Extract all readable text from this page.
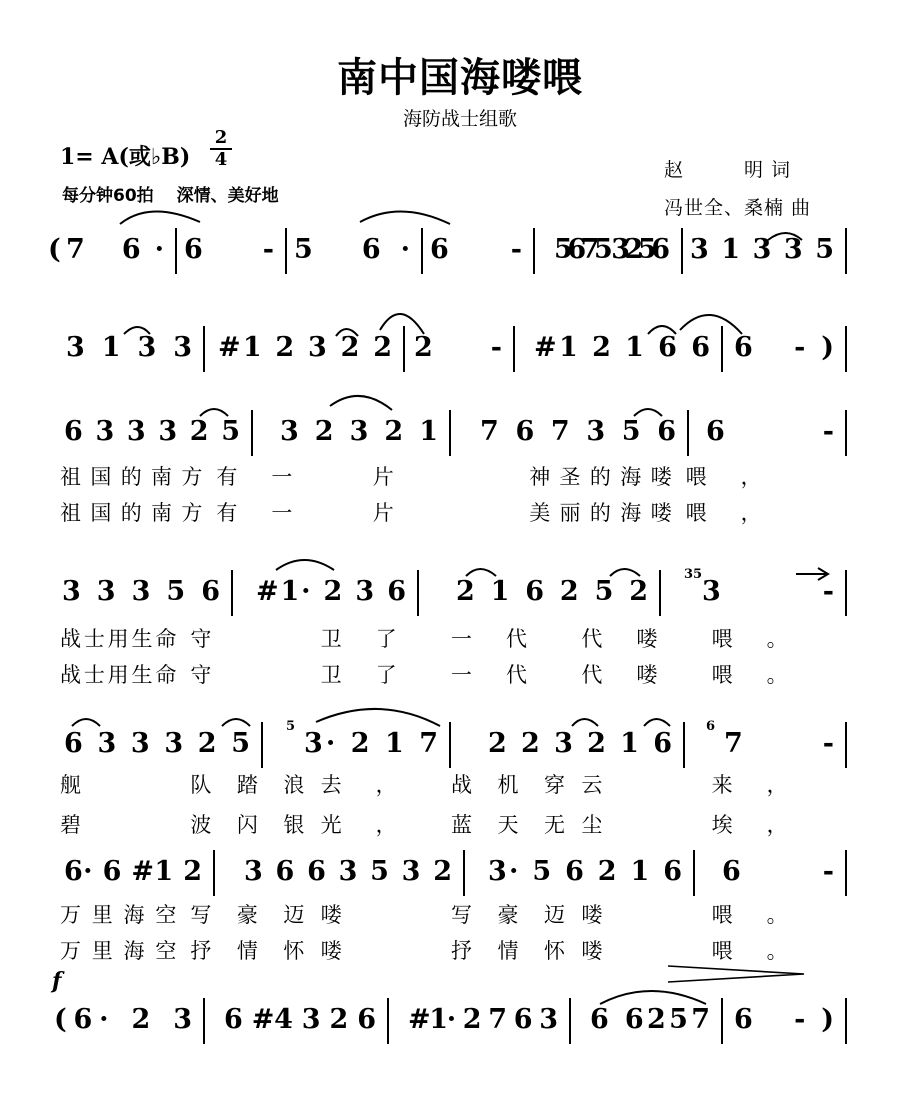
南中国海喽喂
海防战士组歌
1= A(或♭B)
2
4
每分钟60拍　 深情、美好地
赵　　　明 词
冯世全、桑楠 曲
f
( 7 6· 6 - 5 6· 6 - 5675 3256 3 1 3 3 5
3 1 3 3 #1 2 3 2 2 2 - #1 2 1 6 6 6 -)
6 3 3 3 2 5 3 2 3 2 1 7 6 7 3 5 6 6 -
祖国的南方 有一	片	神圣的海喽 喂，
祖国的南方 有一	片	美丽的海喽 喂，
3 3 3 5 6 #1· 2 3 6 2 1 6 2 5 2
35
3 -
战士用生命 守	卫了	一代	代喽	喂。
战士用生命 守	卫了	一代	代喽	喂。
6 3 3 3 2 5
5
3· 2 1 7 2 2 3 2 1 6
6
7 -
舰	队踏浪 去，	战机穿 云	来，
碧	波闪银 光，	蓝天无 尘	埃，
6· 6 #1 2 3 6 6 3 5 3 2 3· 5 6 2 1 6 6 -
万里海空 写豪迈 喽	写豪迈 喽	喂。
万里海空 抒情怀 喽	抒情怀 喽	喂。
(6· 2 3 6 #4 3 2 6 #1· 2 7 6 3 6 6257 6 -)
